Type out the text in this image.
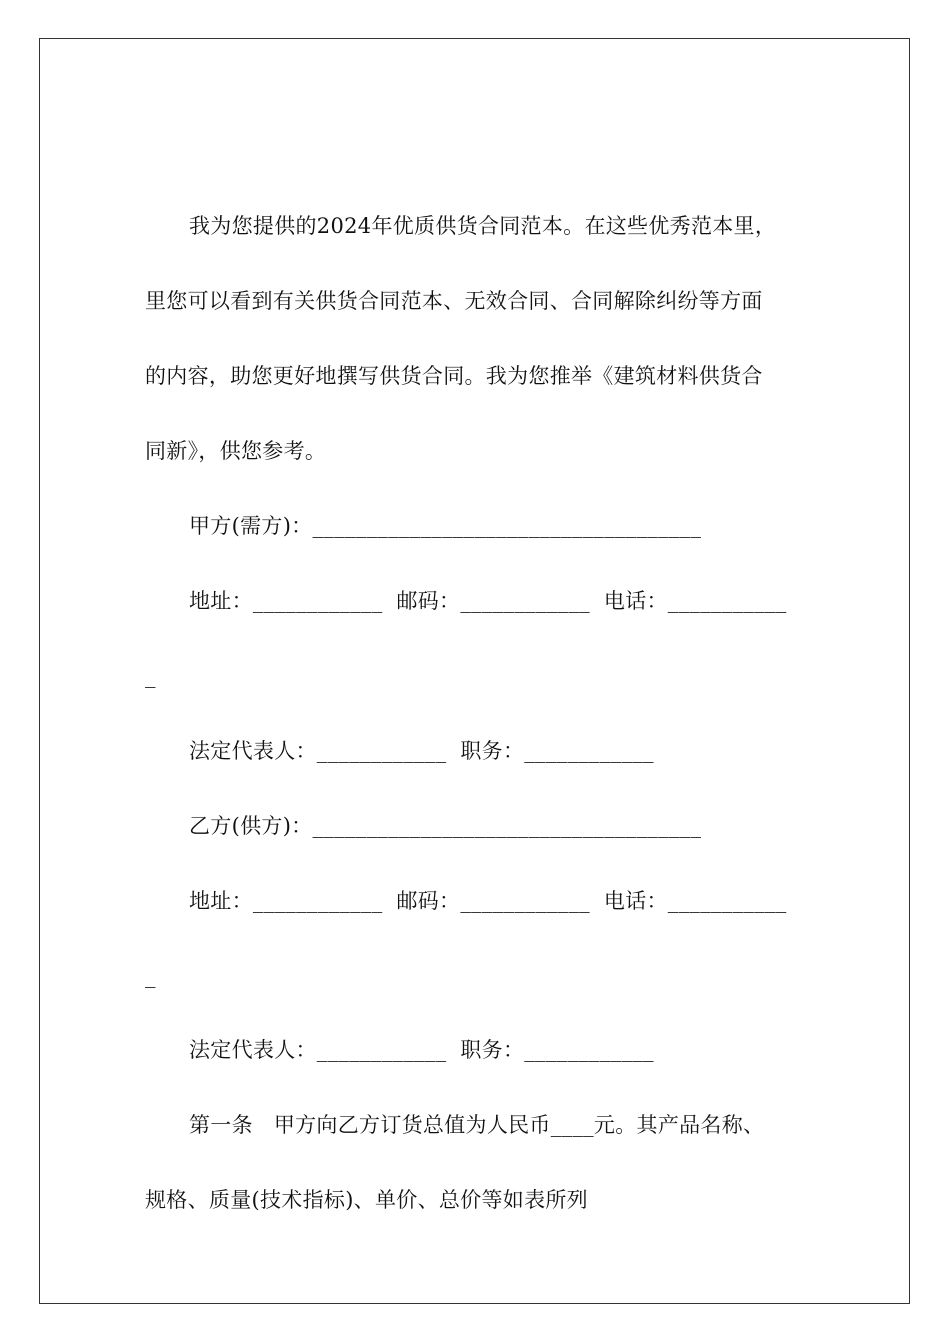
我为您提供的2024年优质供货合同范本。在这些优秀范本里，
里您可以看到有关供货合同范本、无效合同、合同解除纠纷等方面
的内容，助您更好地撰写供货合同。我为您推举《建筑材料供货合
同新》，供您参考。
甲方(需方)：____________________________________
地址：____________  邮码：____________  电话：___________
_
法定代表人：____________  职务：____________
乙方(供方)：____________________________________
地址：____________  邮码：____________  电话：___________
_
法定代表人：____________  职务：____________
第一条   甲方向乙方订货总值为人民币____元。其产品名称、
规格、质量(技术指标)、单价、总价等如表所列
